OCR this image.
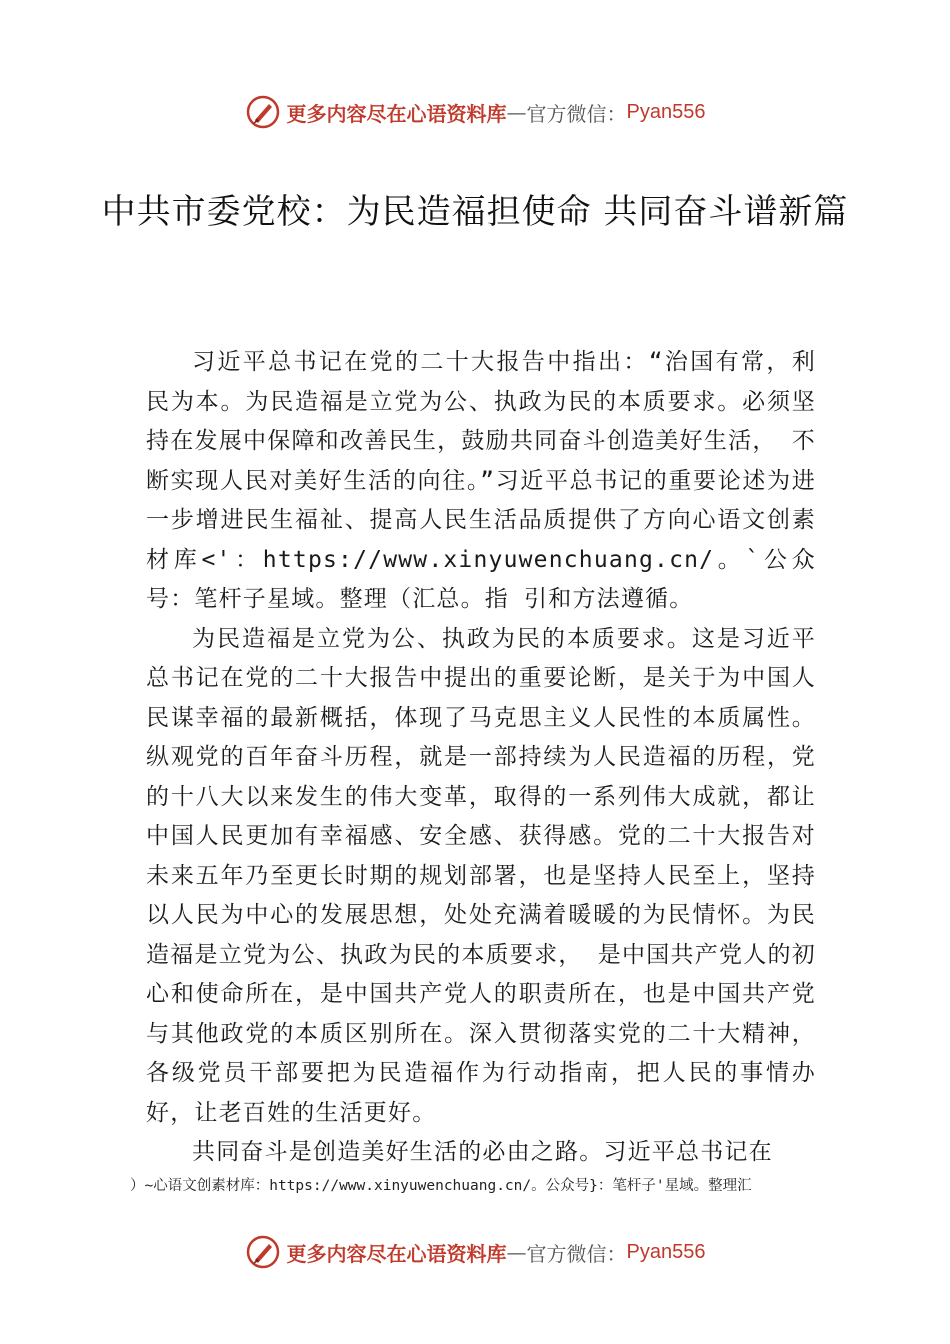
更多内容尽在心语资料库 — 官方微信： Pyan556
中共市委党校：为民造福担使命 共同奋斗谱新篇

习近平总书记在党的二十大报告中指出：“治国有常，利 民为本。为民造福是立党为公、执政为民的本质要求。必须坚持在发展中保障和改善民生，鼓励共同奋斗创造美好生活， 不断实现人民对美好生活的向往。”习近平总书记的重要论述为进一步增进民生福祉、提高人民生活品质提供了方向心语文创素材库<'：https://www.xinyuwenchuang.cn/。`公众号：笔杆子星域。整理（汇总。指 引和方法遵循。

为民造福是立党为公、执政为民的本质要求。这是习近平总书记在党的二十大报告中提出的重要论断，是关于为中国人民谋幸福的最新概括，体现了马克思主义人民性的本质属性。纵观党的百年奋斗历程，就是一部持续为人民造福的历程，党的十八大以来发生的伟大变革，取得的一系列伟大成就，都让中国人民更加有幸福感、安全感、获得感。党的二十大报告对未来五年乃至更长时期的规划部署，也是坚持人民至上，坚持以人民为中心的发展思想，处处充满着暖暖的为民情怀。为民造福是立党为公、执政为民的本质要求， 是中国共产党人的初心和使命所在，是中国共产党人的职责所在，也是中国共产党与其他政党的本质区别所在。深入贯彻落实党的二十大精神，各级党员干部要把为民造福作为行动指南，把人民的事情办好，让老百姓的生活更好。

共同奋斗是创造美好生活的必由之路。习近平总书记在

）~心语文创素材库：https://www.xinyuwenchuang.cn/。公众号}：笔杆子'星域。整理汇
更多内容尽在心语资料库 — 官方微信： Pyan556
